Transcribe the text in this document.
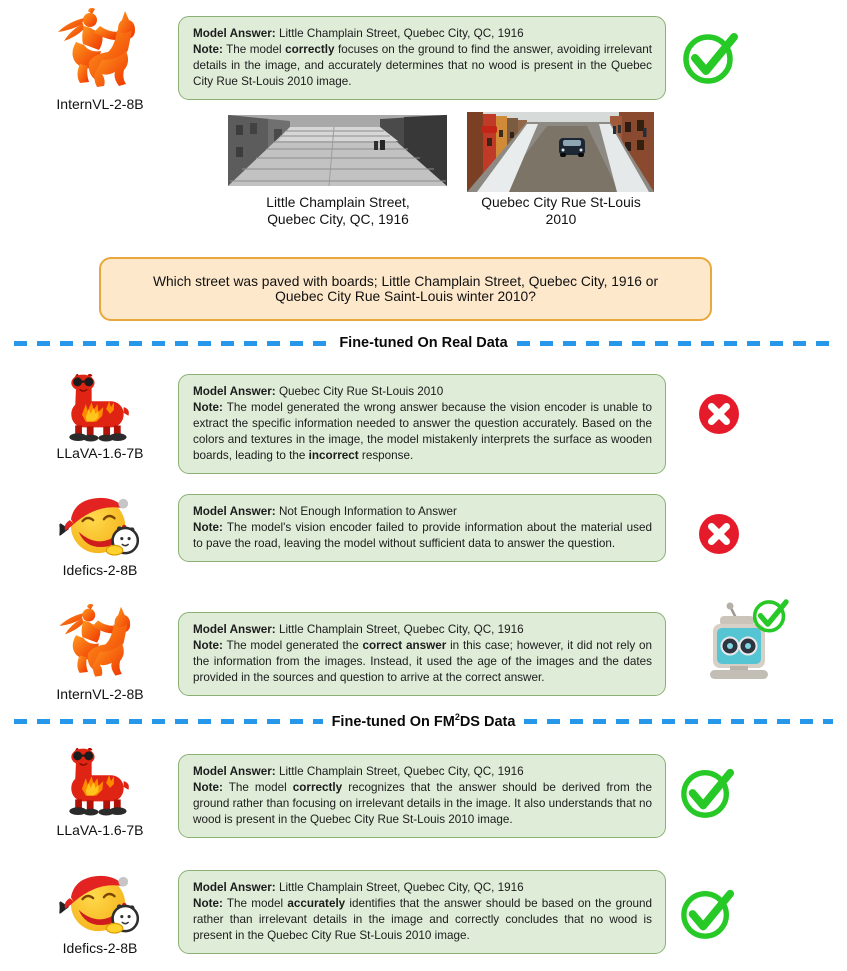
InternVL-2-8B
Model Answer: Little Champlain Street, Quebec City, QC, 1916
Note: The model correctly focuses on the ground to find the answer, avoiding irrelevant details in the image, and accurately determines that no wood is present in the Quebec City Rue St-Louis 2010 image.
Little Champlain Street,
Quebec City, QC, 1916
Quebec City Rue St-Louis
2010
Which street was paved with boards; Little Champlain Street, Quebec City, 1916 or Quebec City Rue Saint-Louis winter 2010?
Fine-tuned On Real Data
LLaVA-1.6-7B
Model Answer: Quebec City Rue St-Louis 2010
Note: The model generated the wrong answer because the vision encoder is unable to extract the specific information needed to answer the question accurately. Based on the colors and textures in the image, the model mistakenly interprets the surface as wooden boards, leading to the incorrect response.
Idefics-2-8B
Model Answer: Not Enough Information to Answer
Note: The model's vision encoder failed to provide information about the material used to pave the road, leaving the model without sufficient data to answer the question.
InternVL-2-8B
Model Answer: Little Champlain Street, Quebec City, QC, 1916
Note: The model generated the correct answer in this case; however, it did not rely on the information from the images. Instead, it used the age of the images and the dates provided in the sources and question to arrive at the correct answer.
Fine-tuned On $FM^2DS$ Data
LLaVA-1.6-7B
Model Answer: Little Champlain Street, Quebec City, QC, 1916
Note: The model correctly recognizes that the answer should be derived from the ground rather than focusing on irrelevant details in the image. It also understands that no wood is present in the Quebec City Rue St-Louis 2010 image.
Idefics-2-8B
Model Answer: Little Champlain Street, Quebec City, QC, 1916
Note: The model accurately identifies that the answer should be based on the ground rather than irrelevant details in the image and correctly concludes that no wood is present in the Quebec City Rue St-Louis 2010 image.
